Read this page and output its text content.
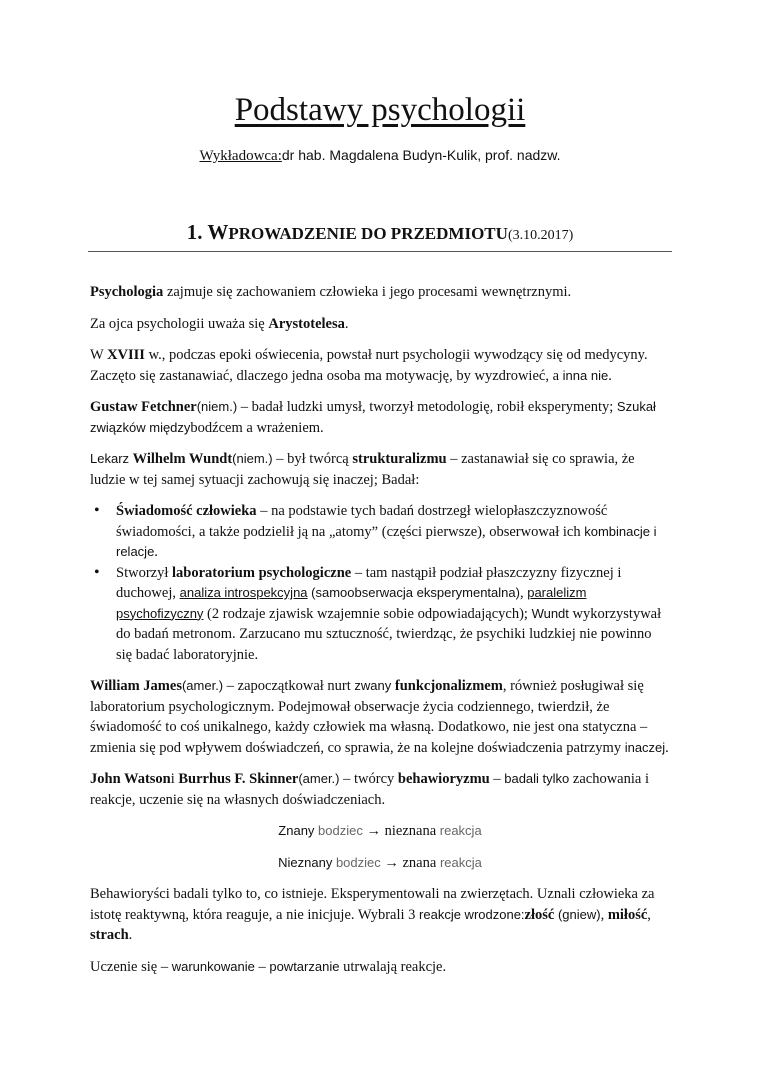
Podstawy psychologii
Wykładowca:dr hab. Magdalena Budyn-Kulik, prof. nadzw.
1. WPROWADZENIE DO PRZEDMIOTU(3.10.2017)

Psychologia zajmuje się zachowaniem człowieka i jego procesami wewnętrznymi.

Za ojca psychologii uważa się Arystotelesa.

W XVIII w., podczas epoki oświecenia, powstał nurt psychologii wywodzący się od medycyny. Zaczęto się zastanawiać, dlaczego jedna osoba ma motywację, by wyzdrowieć, a inna nie.

Gustaw Fetchner(niem.) – badał ludzki umysł, tworzył metodologię, robił eksperymenty; Szukał związków międzybodźcem a wrażeniem.

Lekarz Wilhelm Wundt(niem.) – był twórcą strukturalizmu – zastanawiał się co sprawia, że ludzie w tej samej sytuacji zachowują się inaczej; Badał:

• Świadomość człowieka – na podstawie tych badań dostrzegł wielopłaszczyznowość świadomości, a także podzielił ją na „atomy” (części pierwsze), obserwował ich kombinacje i relacje.
• Stworzył laboratorium psychologiczne – tam nastąpił podział płaszczyzny fizycznej i duchowej, analiza introspekcyjna (samoobserwacja eksperymentalna), paralelizm psychofizyczny (2 rodzaje zjawisk wzajemnie sobie odpowiadających); Wundt wykorzystywał do badań metronom. Zarzucano mu sztuczność, twierdząc, że psychiki ludzkiej nie powinno się badać laboratoryjnie.

William James(amer.) – zapoczątkował nurt zwany funkcjonalizmem, również posługiwał się laboratorium psychologicznym. Podejmował obserwacje życia codziennego, twierdził, że świadomość to coś unikalnego, każdy człowiek ma własną. Dodatkowo, nie jest ona statyczna – zmienia się pod wpływem doświadczeń, co sprawia, że na kolejne doświadczenia patrzymy inaczej.

John Watsoni Burrhus F. Skinner(amer.) – twórcy behawioryzmu – badali tylko zachowania i reakcje, uczenie się na własnych doświadczeniach.

Znany bodziec → nieznana reakcja

Nieznany bodziec → znana reakcja

Behawioryści badali tylko to, co istnieje. Eksperymentowali na zwierzętach. Uznali człowieka za istotę reaktywną, która reaguje, a nie inicjuje. Wybrali 3 reakcje wrodzone:złość (gniew), miłość, strach.

Uczenie się – warunkowanie – powtarzanie utrwalają reakcje.
